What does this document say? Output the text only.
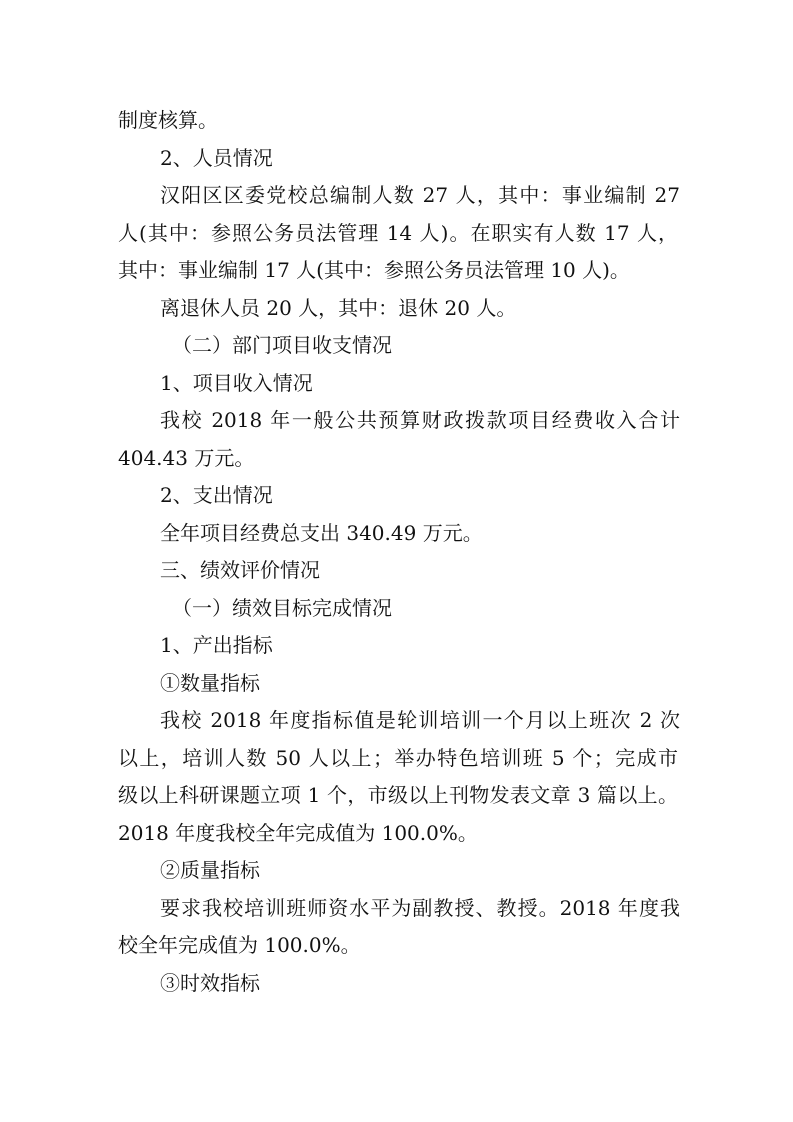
制度核算。
2、人员情况
汉阳区区委党校总编制人数 27 人，其中：事业编制 27
人(其中：参照公务员法管理 14 人)。在职实有人数 17 人，
其中：事业编制 17 人(其中：参照公务员法管理 10 人)。
离退休人员 20 人，其中：退休 20 人。
（二）部门项目收支情况
1、项目收入情况
我校 2018 年一般公共预算财政拨款项目经费收入合计
404.43 万元。
2、支出情况
全年项目经费总支出 340.49 万元。
三、绩效评价情况
（一）绩效目标完成情况
1、产出指标
①数量指标
我校 2018 年度指标值是轮训培训一个月以上班次 2 次
以上，培训人数 50 人以上；举办特色培训班 5 个；完成市
级以上科研课题立项 1 个，市级以上刊物发表文章 3 篇以上。
2018 年度我校全年完成值为 100.0%。
②质量指标
要求我校培训班师资水平为副教授、教授。2018 年度我
校全年完成值为 100.0%。
③时效指标
